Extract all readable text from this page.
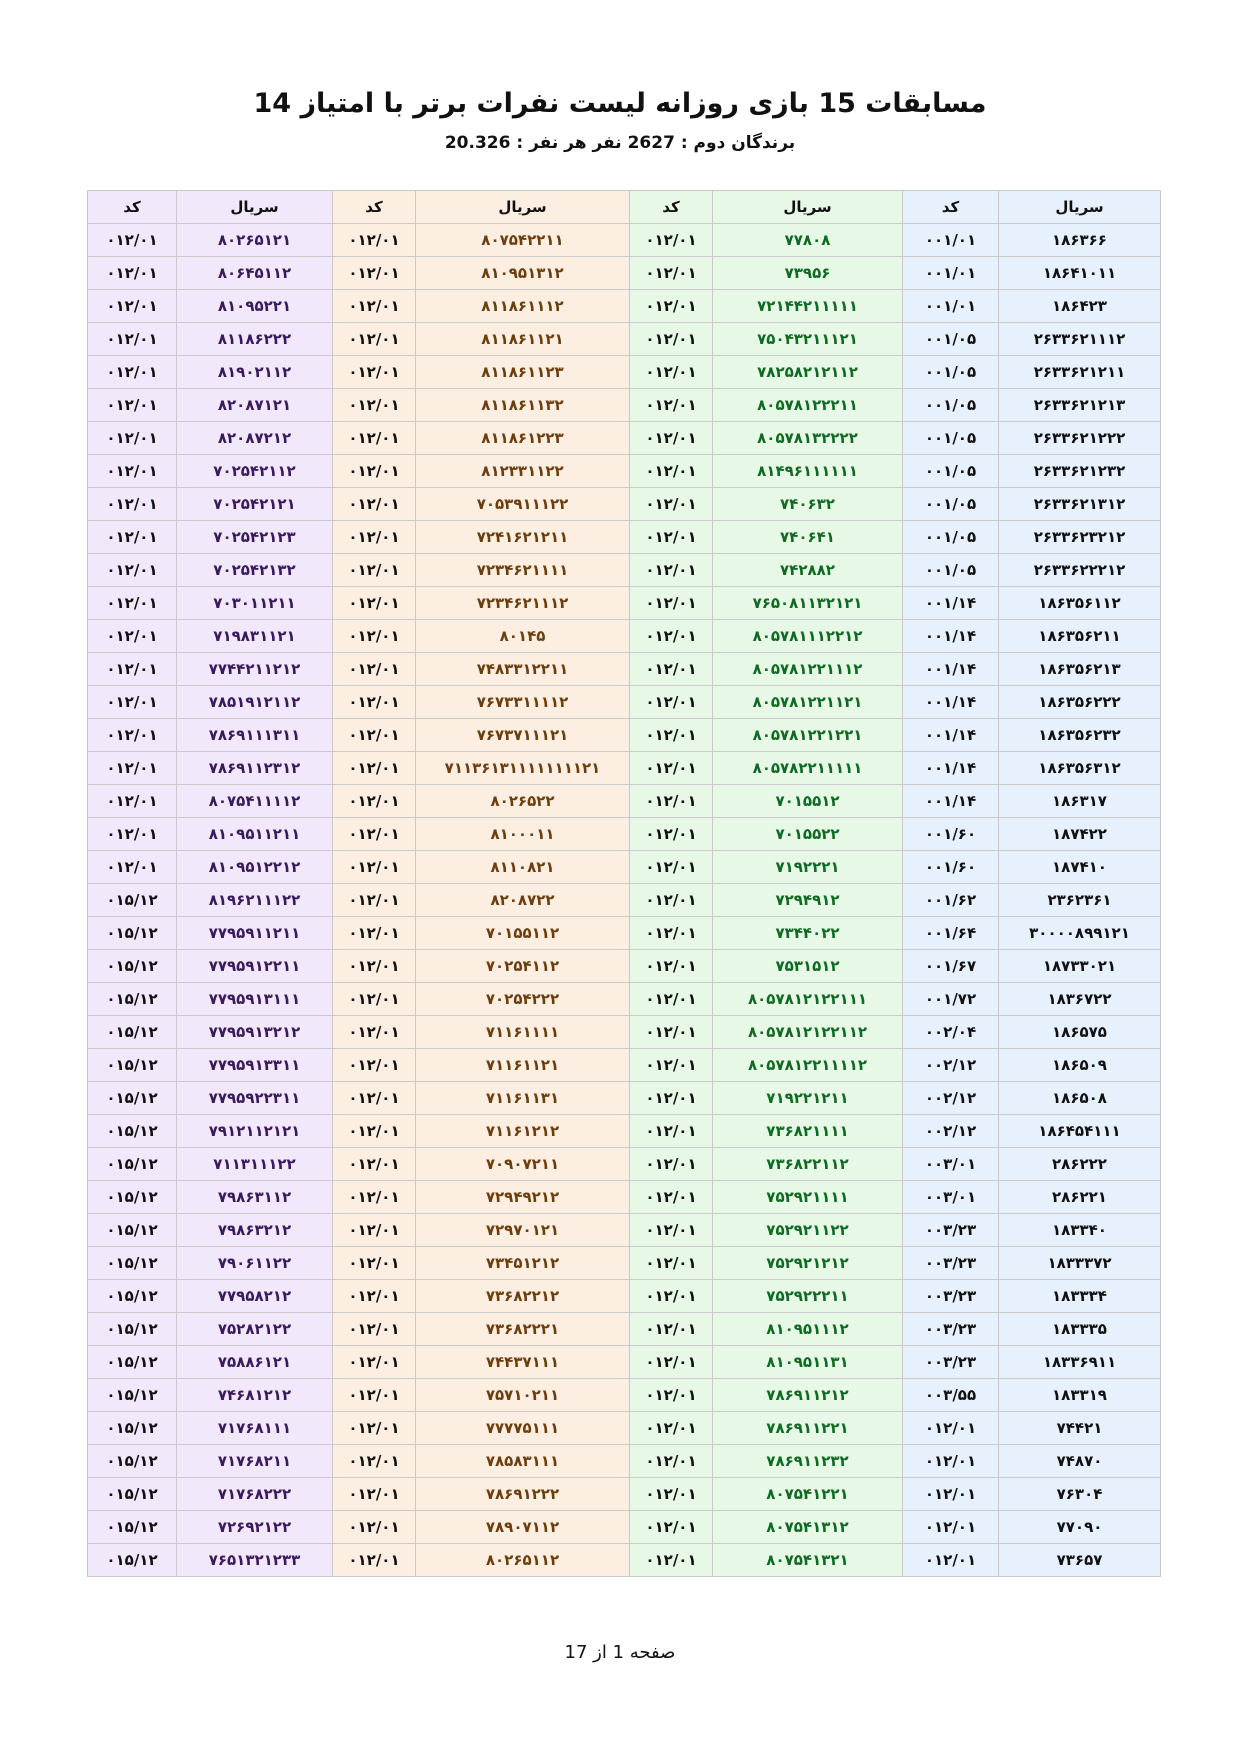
مسابقات 15 بازی روزانه لیست نفرات برتر با امتیاز 14
برندگان دوم : 2627 نفر هر نفر : 20.326
سریال	کد	سریال	کد	سریال	کد	سریال	کد
۱۸۶۳۶۶	۰۰۱/۰۱	۷۷۸۰۸	۰۱۲/۰۱	۸۰۷۵۴۲۲۱۱	۰۱۲/۰۱	۸۰۲۶۵۱۲۱	۰۱۲/۰۱
۱۸۶۴۱۰۱۱	۰۰۱/۰۱	۷۳۹۵۶	۰۱۲/۰۱	۸۱۰۹۵۱۳۱۲	۰۱۲/۰۱	۸۰۶۴۵۱۱۲	۰۱۲/۰۱
۱۸۶۴۲۳	۰۰۱/۰۱	۷۲۱۴۴۲۱۱۱۱۱	۰۱۲/۰۱	۸۱۱۸۶۱۱۱۲	۰۱۲/۰۱	۸۱۰۹۵۲۲۱	۰۱۲/۰۱
۲۶۳۳۶۲۱۱۱۲	۰۰۱/۰۵	۷۵۰۴۳۲۱۱۱۲۱	۰۱۲/۰۱	۸۱۱۸۶۱۱۲۱	۰۱۲/۰۱	۸۱۱۸۶۲۲۲	۰۱۲/۰۱
۲۶۳۳۶۲۱۲۱۱	۰۰۱/۰۵	۷۸۲۵۸۲۱۲۱۱۲	۰۱۲/۰۱	۸۱۱۸۶۱۱۲۳	۰۱۲/۰۱	۸۱۹۰۲۱۱۲	۰۱۲/۰۱
۲۶۳۳۶۲۱۲۱۳	۰۰۱/۰۵	۸۰۵۷۸۱۲۲۲۱۱	۰۱۲/۰۱	۸۱۱۸۶۱۱۳۲	۰۱۲/۰۱	۸۲۰۸۷۱۲۱	۰۱۲/۰۱
۲۶۳۳۶۲۱۲۲۲	۰۰۱/۰۵	۸۰۵۷۸۱۳۲۲۲۲	۰۱۲/۰۱	۸۱۱۸۶۱۲۲۳	۰۱۲/۰۱	۸۲۰۸۷۲۱۲	۰۱۲/۰۱
۲۶۳۳۶۲۱۲۳۲	۰۰۱/۰۵	۸۱۴۹۶۱۱۱۱۱۱	۰۱۲/۰۱	۸۱۲۳۳۱۱۲۲	۰۱۲/۰۱	۷۰۲۵۴۲۱۱۲	۰۱۲/۰۱
۲۶۳۳۶۲۱۳۱۲	۰۰۱/۰۵	۷۴۰۶۳۲	۰۱۲/۰۱	۷۰۵۳۹۱۱۱۲۲	۰۱۲/۰۱	۷۰۲۵۴۲۱۲۱	۰۱۲/۰۱
۲۶۳۳۶۲۳۲۱۲	۰۰۱/۰۵	۷۴۰۶۴۱	۰۱۲/۰۱	۷۲۴۱۶۲۱۲۱۱	۰۱۲/۰۱	۷۰۲۵۴۲۱۲۳	۰۱۲/۰۱
۲۶۳۳۶۲۲۲۱۲	۰۰۱/۰۵	۷۴۲۸۸۲	۰۱۲/۰۱	۷۲۳۴۶۲۱۱۱۱	۰۱۲/۰۱	۷۰۲۵۴۲۱۳۲	۰۱۲/۰۱
۱۸۶۳۵۶۱۱۲	۰۰۱/۱۴	۷۶۵۰۸۱۱۳۲۱۲۱	۰۱۲/۰۱	۷۲۳۴۶۲۱۱۱۲	۰۱۲/۰۱	۷۰۳۰۱۱۲۱۱	۰۱۲/۰۱
۱۸۶۳۵۶۲۱۱	۰۰۱/۱۴	۸۰۵۷۸۱۱۱۲۲۱۲	۰۱۲/۰۱	۸۰۱۴۵	۰۱۲/۰۱	۷۱۹۸۳۱۱۲۱	۰۱۲/۰۱
۱۸۶۳۵۶۲۱۳	۰۰۱/۱۴	۸۰۵۷۸۱۲۲۱۱۱۲	۰۱۲/۰۱	۷۴۸۳۳۱۲۲۱۱	۰۱۲/۰۱	۷۷۴۴۲۱۱۲۱۲	۰۱۲/۰۱
۱۸۶۳۵۶۲۲۲	۰۰۱/۱۴	۸۰۵۷۸۱۲۲۱۱۲۱	۰۱۲/۰۱	۷۶۷۳۳۱۱۱۱۲	۰۱۲/۰۱	۷۸۵۱۹۱۲۱۱۲	۰۱۲/۰۱
۱۸۶۳۵۶۲۳۲	۰۰۱/۱۴	۸۰۵۷۸۱۲۲۱۲۲۱	۰۱۲/۰۱	۷۶۷۳۷۱۱۱۲۱	۰۱۲/۰۱	۷۸۶۹۱۱۱۳۱۱	۰۱۲/۰۱
۱۸۶۳۵۶۳۱۲	۰۰۱/۱۴	۸۰۵۷۸۲۲۱۱۱۱۱	۰۱۲/۰۱	۷۱۱۳۶۱۳۱۱۱۱۱۱۱۱۲۱	۰۱۲/۰۱	۷۸۶۹۱۱۲۳۱۲	۰۱۲/۰۱
۱۸۶۳۱۷	۰۰۱/۱۴	۷۰۱۵۵۱۲	۰۱۲/۰۱	۸۰۲۶۵۲۲	۰۱۲/۰۱	۸۰۷۵۴۱۱۱۱۲	۰۱۲/۰۱
۱۸۷۴۲۲	۰۰۱/۶۰	۷۰۱۵۵۲۲	۰۱۲/۰۱	۸۱۰۰۰۱۱	۰۱۲/۰۱	۸۱۰۹۵۱۱۲۱۱	۰۱۲/۰۱
۱۸۷۴۱۰	۰۰۱/۶۰	۷۱۹۲۲۲۱	۰۱۲/۰۱	۸۱۱۰۸۲۱	۰۱۲/۰۱	۸۱۰۹۵۱۲۲۱۲	۰۱۲/۰۱
۲۳۶۲۳۶۱	۰۰۱/۶۲	۷۲۹۴۹۱۲	۰۱۲/۰۱	۸۲۰۸۷۲۲	۰۱۲/۰۱	۸۱۹۶۲۱۱۱۲۲	۰۱۵/۱۲
۳۰۰۰۰۸۹۹۱۲۱	۰۰۱/۶۴	۷۳۴۴۰۲۲	۰۱۲/۰۱	۷۰۱۵۵۱۱۲	۰۱۲/۰۱	۷۷۹۵۹۱۱۲۱۱	۰۱۵/۱۲
۱۸۷۳۳۰۲۱	۰۰۱/۶۷	۷۵۳۱۵۱۲	۰۱۲/۰۱	۷۰۲۵۴۱۱۲	۰۱۲/۰۱	۷۷۹۵۹۱۲۲۱۱	۰۱۵/۱۲
۱۸۳۶۷۲۲	۰۰۱/۷۲	۸۰۵۷۸۱۲۱۲۲۱۱۱	۰۱۲/۰۱	۷۰۲۵۴۲۲۲	۰۱۲/۰۱	۷۷۹۵۹۱۳۱۱۱	۰۱۵/۱۲
۱۸۶۵۷۵	۰۰۲/۰۴	۸۰۵۷۸۱۲۱۲۲۱۱۲	۰۱۲/۰۱	۷۱۱۶۱۱۱۱	۰۱۲/۰۱	۷۷۹۵۹۱۳۲۱۲	۰۱۵/۱۲
۱۸۶۵۰۹	۰۰۲/۱۲	۸۰۵۷۸۱۲۲۱۱۱۱۲	۰۱۲/۰۱	۷۱۱۶۱۱۲۱	۰۱۲/۰۱	۷۷۹۵۹۱۳۳۱۱	۰۱۵/۱۲
۱۸۶۵۰۸	۰۰۲/۱۲	۷۱۹۲۲۱۲۱۱	۰۱۲/۰۱	۷۱۱۶۱۱۳۱	۰۱۲/۰۱	۷۷۹۵۹۲۲۳۱۱	۰۱۵/۱۲
۱۸۶۴۵۴۱۱۱	۰۰۲/۱۲	۷۳۶۸۲۱۱۱۱	۰۱۲/۰۱	۷۱۱۶۱۲۱۲	۰۱۲/۰۱	۷۹۱۲۱۱۲۱۲۱	۰۱۵/۱۲
۲۸۶۲۲۲	۰۰۳/۰۱	۷۳۶۸۲۲۱۱۲	۰۱۲/۰۱	۷۰۹۰۷۲۱۱	۰۱۲/۰۱	۷۱۱۳۱۱۱۲۲	۰۱۵/۱۲
۲۸۶۲۲۱	۰۰۳/۰۱	۷۵۲۹۲۱۱۱۱	۰۱۲/۰۱	۷۲۹۴۹۲۱۲	۰۱۲/۰۱	۷۹۸۶۳۱۱۲	۰۱۵/۱۲
۱۸۳۳۴۰	۰۰۳/۲۳	۷۵۲۹۲۱۱۲۲	۰۱۲/۰۱	۷۲۹۷۰۱۲۱	۰۱۲/۰۱	۷۹۸۶۳۲۱۲	۰۱۵/۱۲
۱۸۳۳۳۷۲	۰۰۳/۲۳	۷۵۲۹۲۱۲۱۲	۰۱۲/۰۱	۷۳۴۵۱۲۱۲	۰۱۲/۰۱	۷۹۰۶۱۱۲۲	۰۱۵/۱۲
۱۸۳۳۳۴	۰۰۳/۲۳	۷۵۲۹۲۲۲۱۱	۰۱۲/۰۱	۷۳۶۸۲۲۱۲	۰۱۲/۰۱	۷۷۹۵۸۲۱۲	۰۱۵/۱۲
۱۸۳۳۳۵	۰۰۳/۲۳	۸۱۰۹۵۱۱۱۲	۰۱۲/۰۱	۷۳۶۸۲۲۲۱	۰۱۲/۰۱	۷۵۲۸۲۱۲۲	۰۱۵/۱۲
۱۸۳۳۶۹۱۱	۰۰۳/۲۳	۸۱۰۹۵۱۱۳۱	۰۱۲/۰۱	۷۴۴۳۷۱۱۱	۰۱۲/۰۱	۷۵۸۸۶۱۲۱	۰۱۵/۱۲
۱۸۳۳۱۹	۰۰۳/۵۵	۷۸۶۹۱۱۲۱۲	۰۱۲/۰۱	۷۵۷۱۰۲۱۱	۰۱۲/۰۱	۷۴۶۸۱۲۱۲	۰۱۵/۱۲
۷۴۴۲۱	۰۱۲/۰۱	۷۸۶۹۱۱۲۲۱	۰۱۲/۰۱	۷۷۷۷۵۱۱۱	۰۱۲/۰۱	۷۱۷۶۸۱۱۱	۰۱۵/۱۲
۷۴۸۷۰	۰۱۲/۰۱	۷۸۶۹۱۱۲۳۲	۰۱۲/۰۱	۷۸۵۸۳۱۱۱	۰۱۲/۰۱	۷۱۷۶۸۲۱۱	۰۱۵/۱۲
۷۶۳۰۴	۰۱۲/۰۱	۸۰۷۵۴۱۲۲۱	۰۱۲/۰۱	۷۸۶۹۱۲۲۲	۰۱۲/۰۱	۷۱۷۶۸۲۲۲	۰۱۵/۱۲
۷۷۰۹۰	۰۱۲/۰۱	۸۰۷۵۴۱۳۱۲	۰۱۲/۰۱	۷۸۹۰۷۱۱۲	۰۱۲/۰۱	۷۲۶۹۲۱۲۲	۰۱۵/۱۲
۷۳۶۵۷	۰۱۲/۰۱	۸۰۷۵۴۱۳۲۱	۰۱۲/۰۱	۸۰۲۶۵۱۱۲	۰۱۲/۰۱	۷۶۵۱۳۲۱۲۳۳	۰۱۵/۱۲
صفحه 1 از 17
